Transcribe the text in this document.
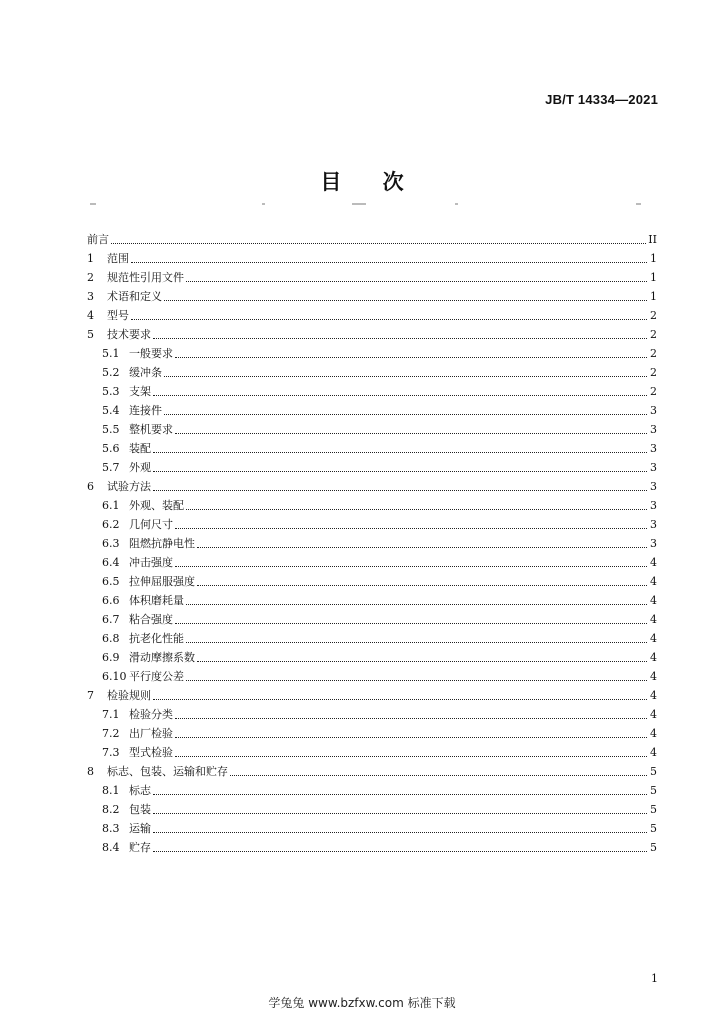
JB/T 14334—2021
目 次
前言	II
1	范围	1
2	规范性引用文件	1
3	术语和定义	1
4	型号	2
5	技术要求	2
5.1 一般要求	2
5.2 缓冲条	2
5.3 支架	2
5.4 连接件	3
5.5 整机要求	3
5.6 装配	3
5.7 外观	3
6	试验方法	3
6.1 外观、装配	3
6.2 几何尺寸	3
6.3 阻燃抗静电性	3
6.4 冲击强度	4
6.5 拉伸屈服强度	4
6.6 体积磨耗量	4
6.7 粘合强度	4
6.8 抗老化性能	4
6.9 滑动摩擦系数	4
6.10 平行度公差	4
7	检验规则	4
7.1 检验分类	4
7.2 出厂检验	4
7.3 型式检验	4
8	标志、包装、运输和贮存	5
8.1 标志	5
8.2 包装	5
8.3 运输	5
8.4 贮存	5
1
学兔兔 www.bzfxw.com 标准下载
